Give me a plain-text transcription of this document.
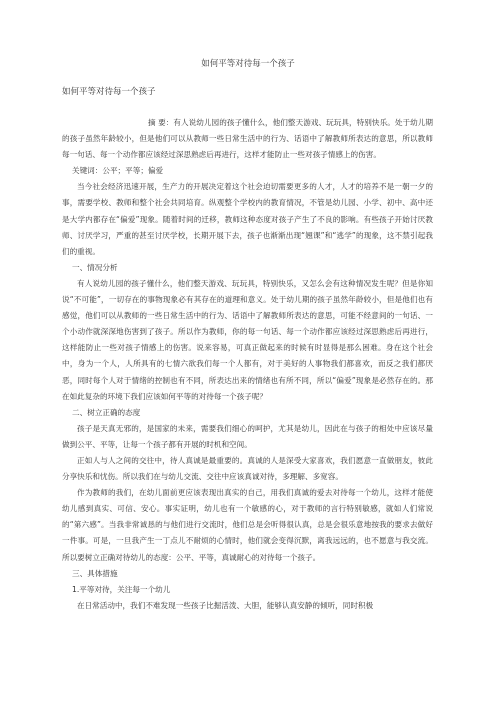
如何平等对待每一个孩子
如何平等对待每一个孩子

摘 要：有人说幼儿园的孩子懂什么，他们整天游戏、玩玩具，特别快乐。处于幼儿期的孩子虽然年龄较小，但是他们可以从教师一些日常生活中的行为、话语中了解教师所表达的意思，所以教师每一句话、每一个动作都应该经过深思熟虑后再进行，这样才能防止一些对孩子情感上的伤害。

关键词：公平；平等；偏爱

当今社会经济迅速开展，生产力的开展决定着这个社会迫切需要更多的人才，人才的培养不是一朝一夕的事，需要学校、教师和整个社会共同培育。纵观整个学校内的教育情况，不管是幼儿园、小学、初中、高中还是大学内都存在“偏爱”现象。随着时间的迁移，教师这种态度对孩子产生了不良的影响。有些孩子开始讨厌教师、讨厌学习，严重的甚至讨厌学校，长期开展下去，孩子也渐渐出现“翘课”和“逃学”的现象，这不禁引起我们的重视。

一、情况分析

有人说幼儿园的孩子懂什么，他们整天游戏、玩玩具，特别快乐，又怎么会有这种情况发生呢？但是你知说“不可能”，一切存在的事物现象必有其存在的道理和意义。处于幼儿期的孩子虽然年龄较小，但是他们也有感觉，他们可以从教师的一些日常生活中的行为、话语中了解教师所表达的意思，可能不经意间的一句话、一个小动作就深深地伤害到了孩子。所以作为教师，你的每一句话、每一个动作都应该经过深思熟虑后再进行，这样能防止一些对孩子情感上的伤害。说来容易，可真正做起来的时候有时显得是那么困难。身在这个社会中，身为一个人，人所具有的七情六欲我们每一个人都有，对于美好的人事物我们都喜欢，而反之我们都厌恶，同时每个人对于情绪的控制也有不同，所表达出来的情绪也有所不同，所以“偏爱”现象是必然存在的。那在如此复杂的环境下我们应该如何平等的对待每一个孩子呢？

二、树立正确的态度

孩子是天真无邪的，是国家的未来，需要我们细心的呵护，尤其是幼儿，因此在与孩子的相处中应该尽量做到公平、平等，让每一个孩子都有开展的时机和空间。

正如人与人之间的交往中，待人真诚是最重要的。真诚的人是深受大家喜欢，我们愿意一直做朋友，彼此分享快乐和忧伤。所以我们在与幼儿交流、交往中应该真诚对待，多理解、多宽容。

作为教师的我们，在幼儿面前更应该表现出真实的自己，用我们真诚的爱去对待每一个幼儿，这样才能使幼儿感到真实、可信、安心。事实证明，幼儿也有一个敏感的心，对于教师的言行特别敏感，就如人们常说的“第六感”。当我非常诚恳的与他们进行交流时，他们总是会听得很认真，总是会很乐意地按我的要求去做好一件事。可是，一旦我产生一丁点儿不耐烦的心情时，他们就会变得沉默，离我远远的，也不愿意与我交流。所以要树立正确对待幼儿的态度：公平、平等，真诚耐心的对待每一个孩子。

三、具体措施

1.平等对待，关注每一个幼儿

在日常活动中，我们不难发现一些孩子比掘活泼、大胆，能够认真安静的倾听，同时积极
